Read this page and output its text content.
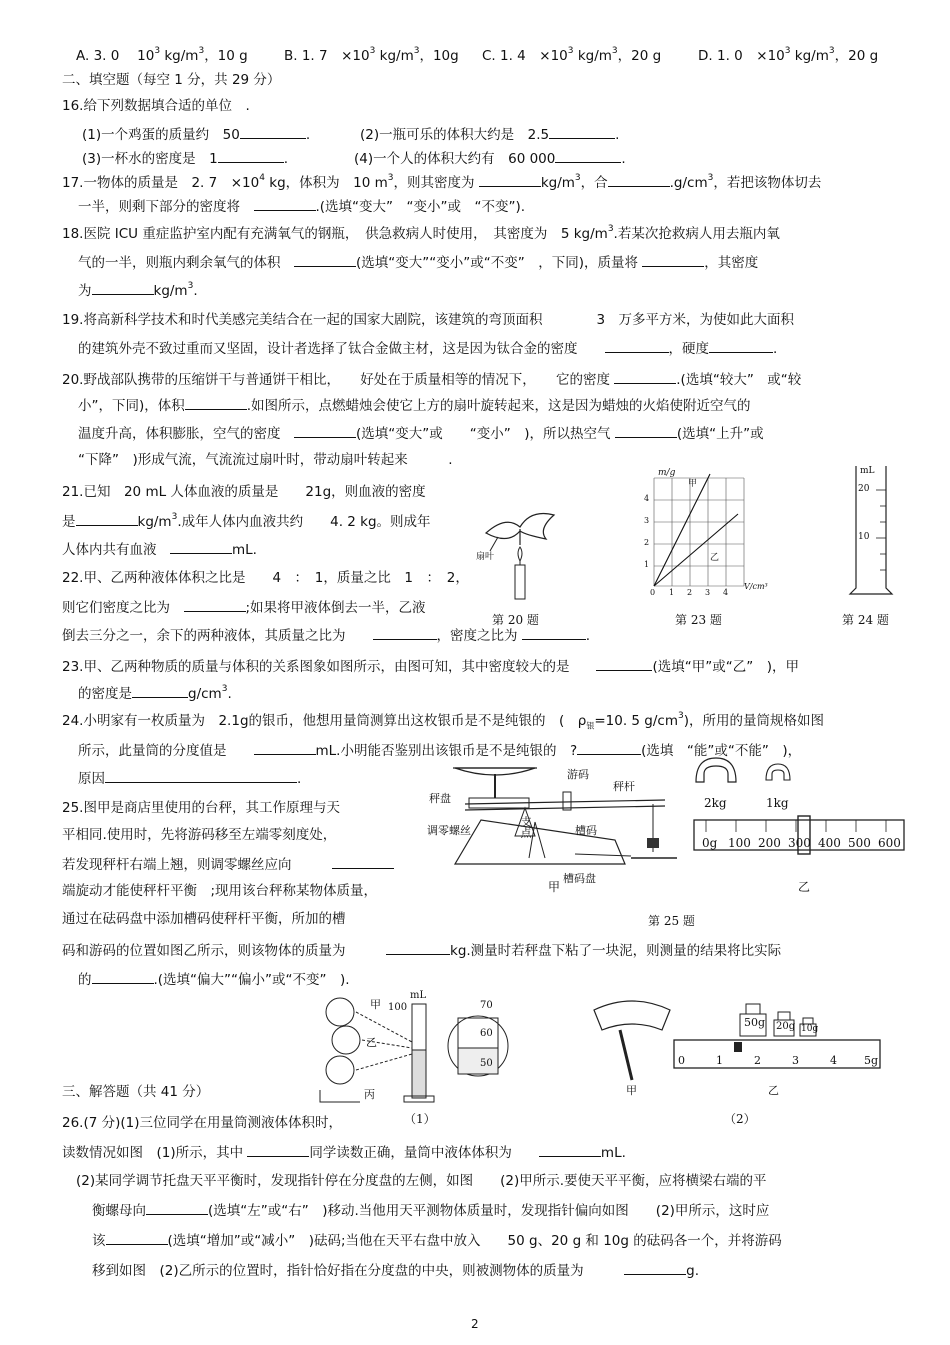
A. 3. 0　 $10^3$ $kg/m^3$，10 g	B. 1. 7　 $\times 10^3$ $kg/m^3$，10g C. 1. 4　 $\times 10^3$ $kg/m^3$，20 g	D. 1. 0　 $\times 10^3$ $kg/m^3$，20 g
二、填空题（每空 1 分，共 29 分）
16.给下列数据填合适的单位　.
(1)一个鸡蛋的质量约　50	.	(2)一瓶可乐的体积大约是　2.5	.
(3)一杯水的密度是　1	.	(4)一个人的体积大约有　60 000	.
17.一物体的质量是　2. 7　$\times 10^4$ kg，体积为　10 $m^3$，则其密度为	$kg/m^3$，合	$.g/cm^3$，若把该物体切去
一半，则剩下部分的密度将　	.(选填“变大”　“变小”或　“不变”).
18.医院 ICU 重症监护室内配有充满氧气的钢瓶，　供急救病人时使用，　其密度为　5 $kg/m^3$.若某次抢救病人用去瓶内氧
气的一半，则瓶内剩余氧气的体积　	(选填“变大”“变小”或“不变”　，下同)，质量将	，其密度
为	$kg/m^3$.
19.将高新科学技术和时代美感完美结合在一起的国家大剧院，该建筑的弯顶面积　　　　3　万多平方米，为使如此大面积
的建筑外壳不致过重而又坚固，设计者选择了钛合金做主材，这是因为钛合金的密度　　	，硬度	.
20.野战部队携带的压缩饼干与普通饼干相比，　　好处在于质量相等的情况下，　　它的密度	.(选填“较大”　或“较
小”，下同)，体积	.如图所示，点燃蜡烛会使它上方的扇叶旋转起来，这是因为蜡烛的火焰使附近空气的
温度升高，体积膨胀，空气的密度　	(选填“变大”或　　“变小”　)，所以热空气	(选填“上升”或
“下降”　)形成气流，气流流过扇叶时，带动扇叶转起来　　　.
21.已知　20 mL 人体血液的质量是　　21g，则血液的密度
是	$kg/m^3$.成年人体内血液共约　　4. 2 kg。则成年
人体内共有血液　	mL.
22.甲、乙两种液体体积之比是　　4　：　1，质量之比　1　：　2，
则它们密度之比为　	;如果将甲液体倒去一半，乙液
倒去三分之一，余下的两种液体，其质量之比为　　	，密度之比为	.
扇叶
第 20 题
m/g
甲
乙
V/cm³
1
2
3
4
0 1 2 3 4
第 23 题
mL
20
10
第 24 题
23.甲、乙两种物质的质量与体积的关系图象如图所示，由图可知，其中密度较大的是　　	(选填“甲”或“乙”　)，甲
的密度是	$g/cm^3$.
24.小明家有一枚质量为　2.1g的银币，他想用量筒测算出这枚银币是不是纯银的　(　$\rho_银=10$. 5 $g/cm^3$)，所用的量筒规格如图
所示，此量筒的分度值是　　	mL.小明能否鉴别出该银币是不是纯银的　?	(选填　“能”或“不能”　)，
原因	.
25.图甲是商店里使用的台秤，其工作原理与天
平相同.使用时，先将游码移至左端零刻度处，
若发现秤杆右端上翘，则调零螺丝应向　　　
端旋动才能使秤杆平衡　;现用该台秤称某物体质量，
通过在砝码盘中添加槽码使秤杆平衡，所加的槽
码和游码的位置如图乙所示，则该物体的质量为　　　	kg.测量时若秤盘下粘了一块泥，则测量的结果将比实际
的	.(选填“偏大”“偏小”或“不变”　).
秤盘
调零螺丝	支点
游码
秤杆
槽码
槽码盘
甲
2kg	1kg
0g 100 200 300 400 500 600
乙
第 25 题
甲
乙
丙
mL
100	70
60
50
（1）
50g 20g 10g
0	1	2	3	4 5g
甲	乙
（2）
三、解答题（共 41 分）
26.(7 分)(1)三位同学在用量筒测液体体积时，
读数情况如图　(1)所示，其中	同学读数正确，量筒中液体体积为　　	mL.
(2)某同学调节托盘天平平衡时，发现指针停在分度盘的左侧，如图　　(2)甲所示.要使天平平衡，应将横梁右端的平
衡螺母向	(选填“左”或“右”　)移动.当他用天平测物体质量时，发现指针偏向如图　　(2)甲所示，这时应
该	(选填“增加”或“减小”　)砝码;当他在天平右盘中放入　　50 g、20 g 和 10g 的砝码各一个，并将游码
移到如图　(2)乙所示的位置时，指针恰好指在分度盘的中央，则被测物体的质量为　　　	g.
2
